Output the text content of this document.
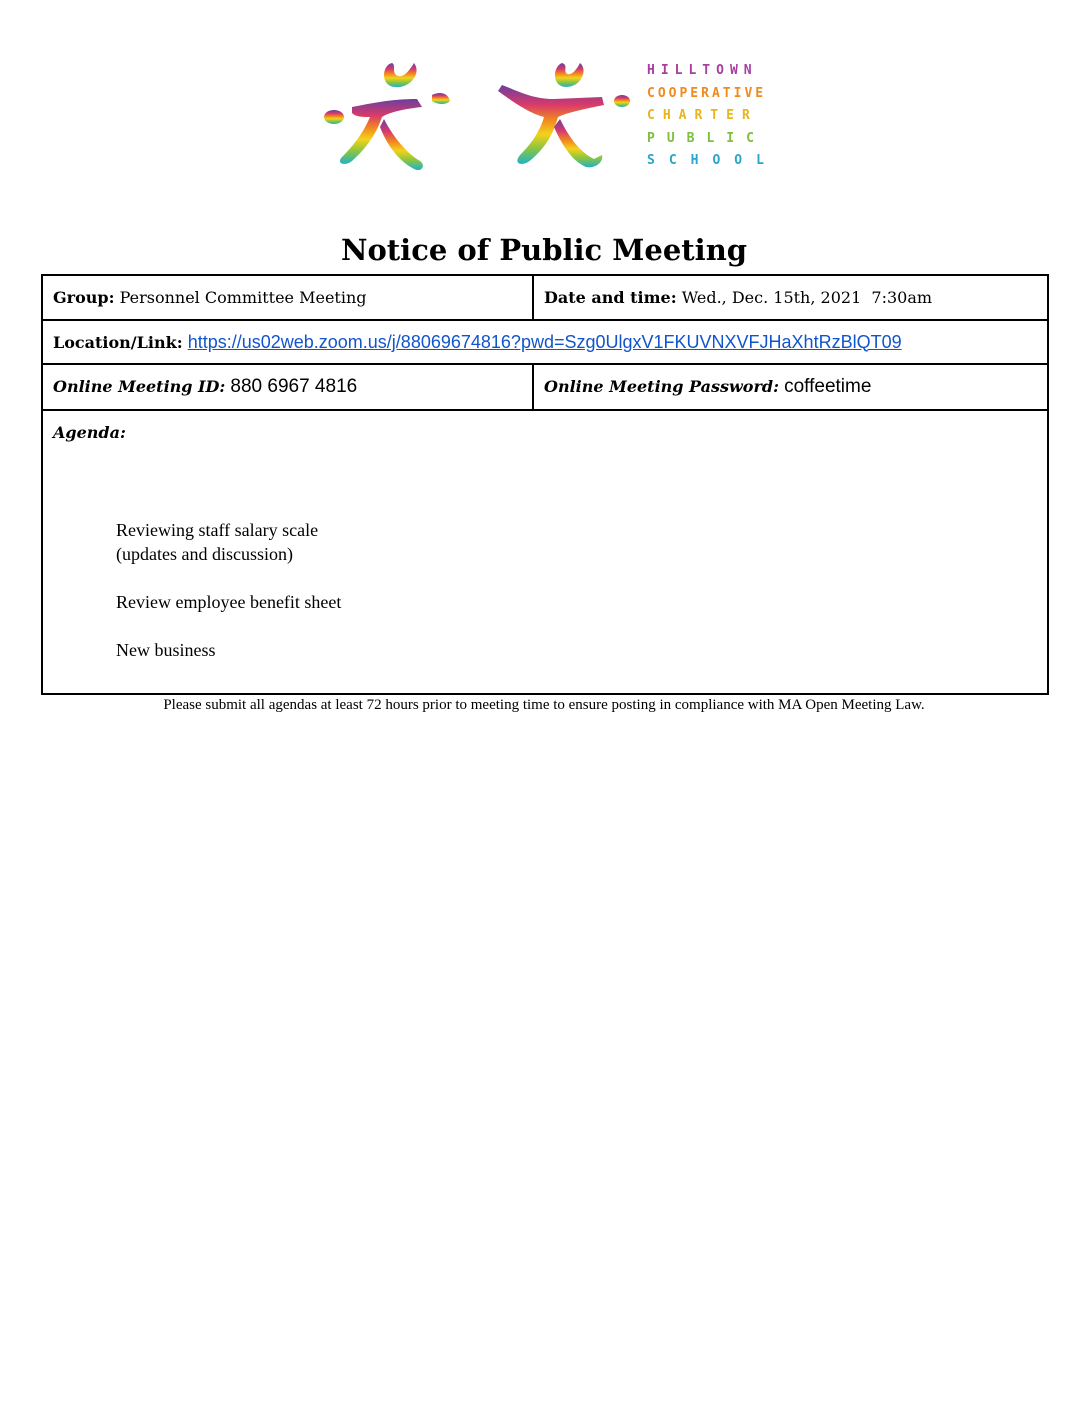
HILLTOWN
COOPERATIVE
CHARTER
PUBLIC
SCHOOL
Notice of Public Meeting
Group: Personnel Committee Meeting	Date and time: Wed., Dec. 15th, 2021  7:30am
Location/Link: https://us02web.zoom.us/j/88069674816?pwd=Szg0UlgxV1FKUVNXVFJHaXhtRzBlQT09	
Online Meeting ID: 880 6967 4816	Online Meeting Password: coffeetime

Agenda:
Reviewing staff salary scale
(updates and discussion)
Review employee benefit sheet
New business	
Please submit all agendas at least 72 hours prior to meeting time to ensure posting in compliance with MA Open Meeting Law.
